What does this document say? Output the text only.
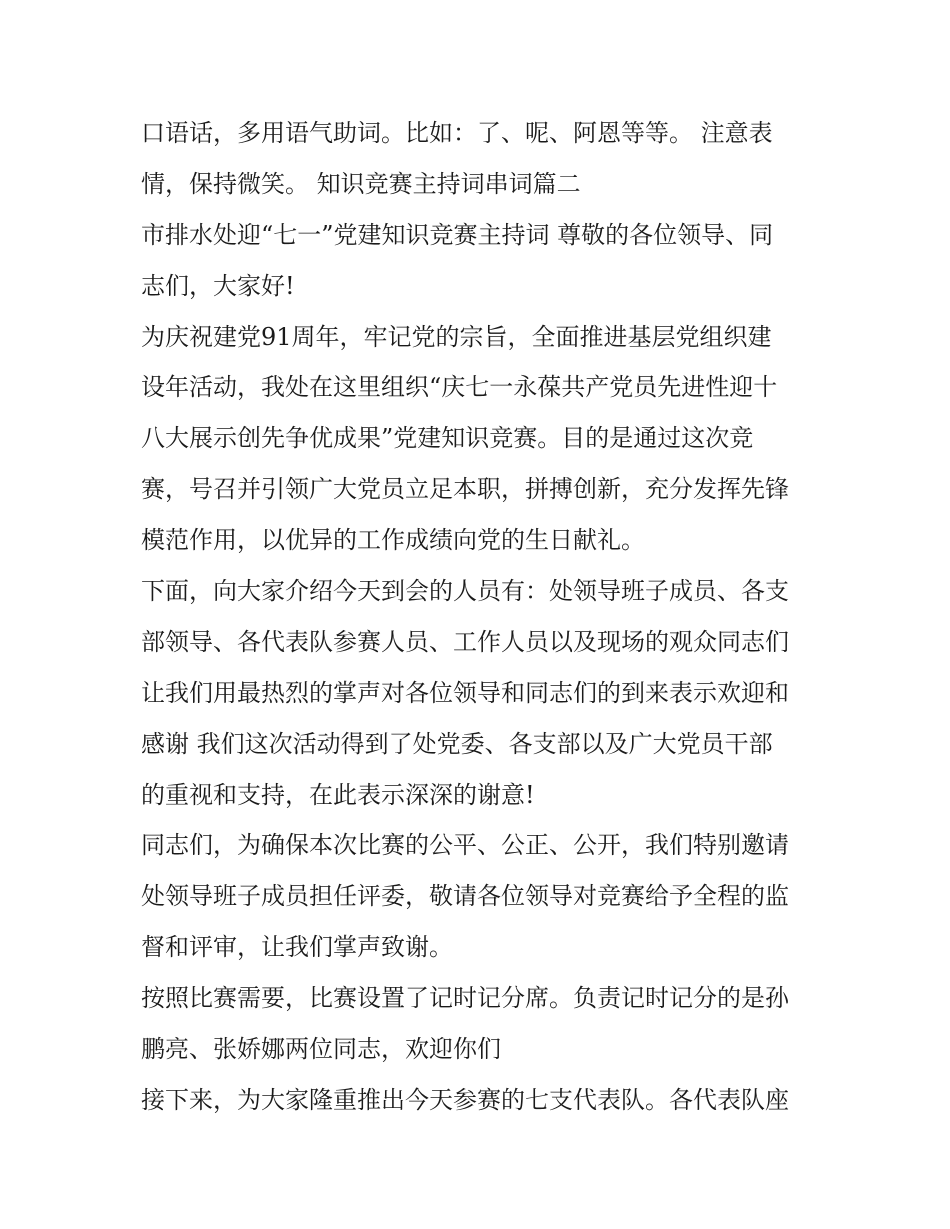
口语话，多用语气助词。比如：了、呢、阿恩等等。 注意表
情，保持微笑。 知识竞赛主持词串词篇二
市排水处迎“七一”党建知识竞赛主持词 尊敬的各位领导、同
志们，大家好!
为庆祝建党91周年，牢记党的宗旨，全面推进基层党组织建
设年活动，我处在这里组织“庆七一永葆共产党员先进性迎十
八大展示创先争优成果”党建知识竞赛。目的是通过这次竞
赛，号召并引领广大党员立足本职，拼搏创新，充分发挥先锋
模范作用，以优异的工作成绩向党的生日献礼。
下面，向大家介绍今天到会的人员有：处领导班子成员、各支
部领导、各代表队参赛人员、工作人员以及现场的观众同志们
让我们用最热烈的掌声对各位领导和同志们的到来表示欢迎和
感谢 我们这次活动得到了处党委、各支部以及广大党员干部
的重视和支持，在此表示深深的谢意!
同志们，为确保本次比赛的公平、公正、公开，我们特别邀请
处领导班子成员担任评委，敬请各位领导对竞赛给予全程的监
督和评审，让我们掌声致谢。
按照比赛需要，比赛设置了记时记分席。负责记时记分的是孙
鹏亮、张娇娜两位同志，欢迎你们
接下来，为大家隆重推出今天参赛的七支代表队。各代表队座
